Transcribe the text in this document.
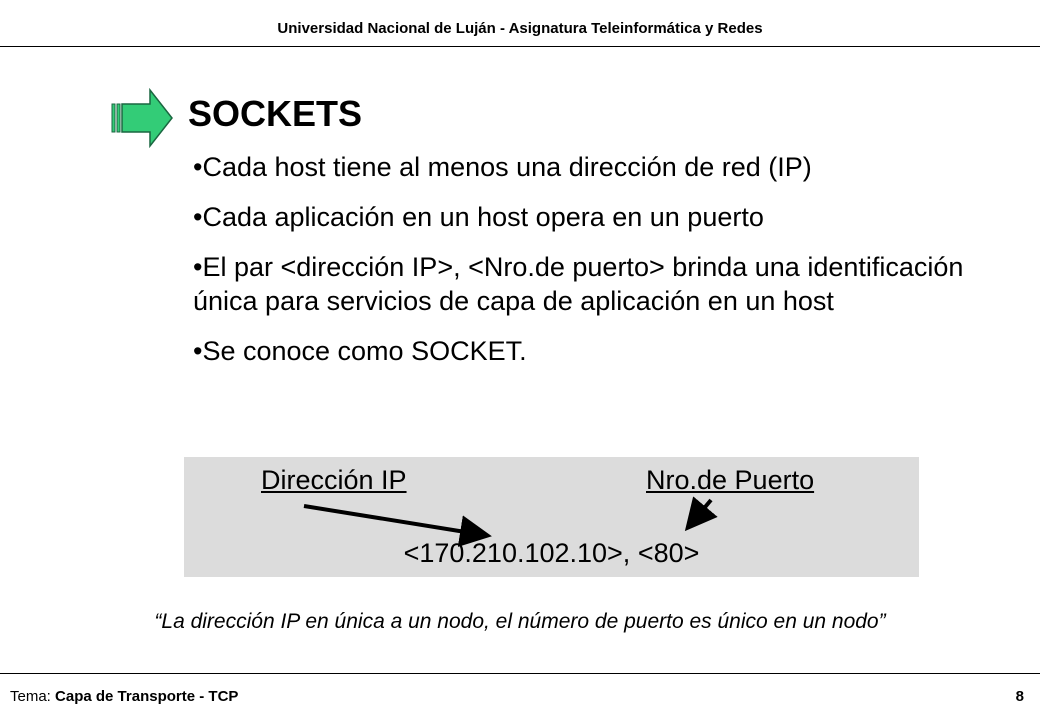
Universidad Nacional de Luján - Asignatura Teleinformática y Redes
SOCKETS
•Cada host tiene al menos una dirección de red (IP)
•Cada aplicación en un host opera en un puerto
•El par <dirección IP>, <Nro.de puerto> brinda una identificación única para servicios de capa de aplicación en un host
•Se conoce como SOCKET.
Dirección IP	Nro.de Puerto
<170.210.102.10>, <80>
“La dirección IP en única a un nodo, el número de puerto es único en un nodo”
Tema: Capa de Transporte - TCP	8
